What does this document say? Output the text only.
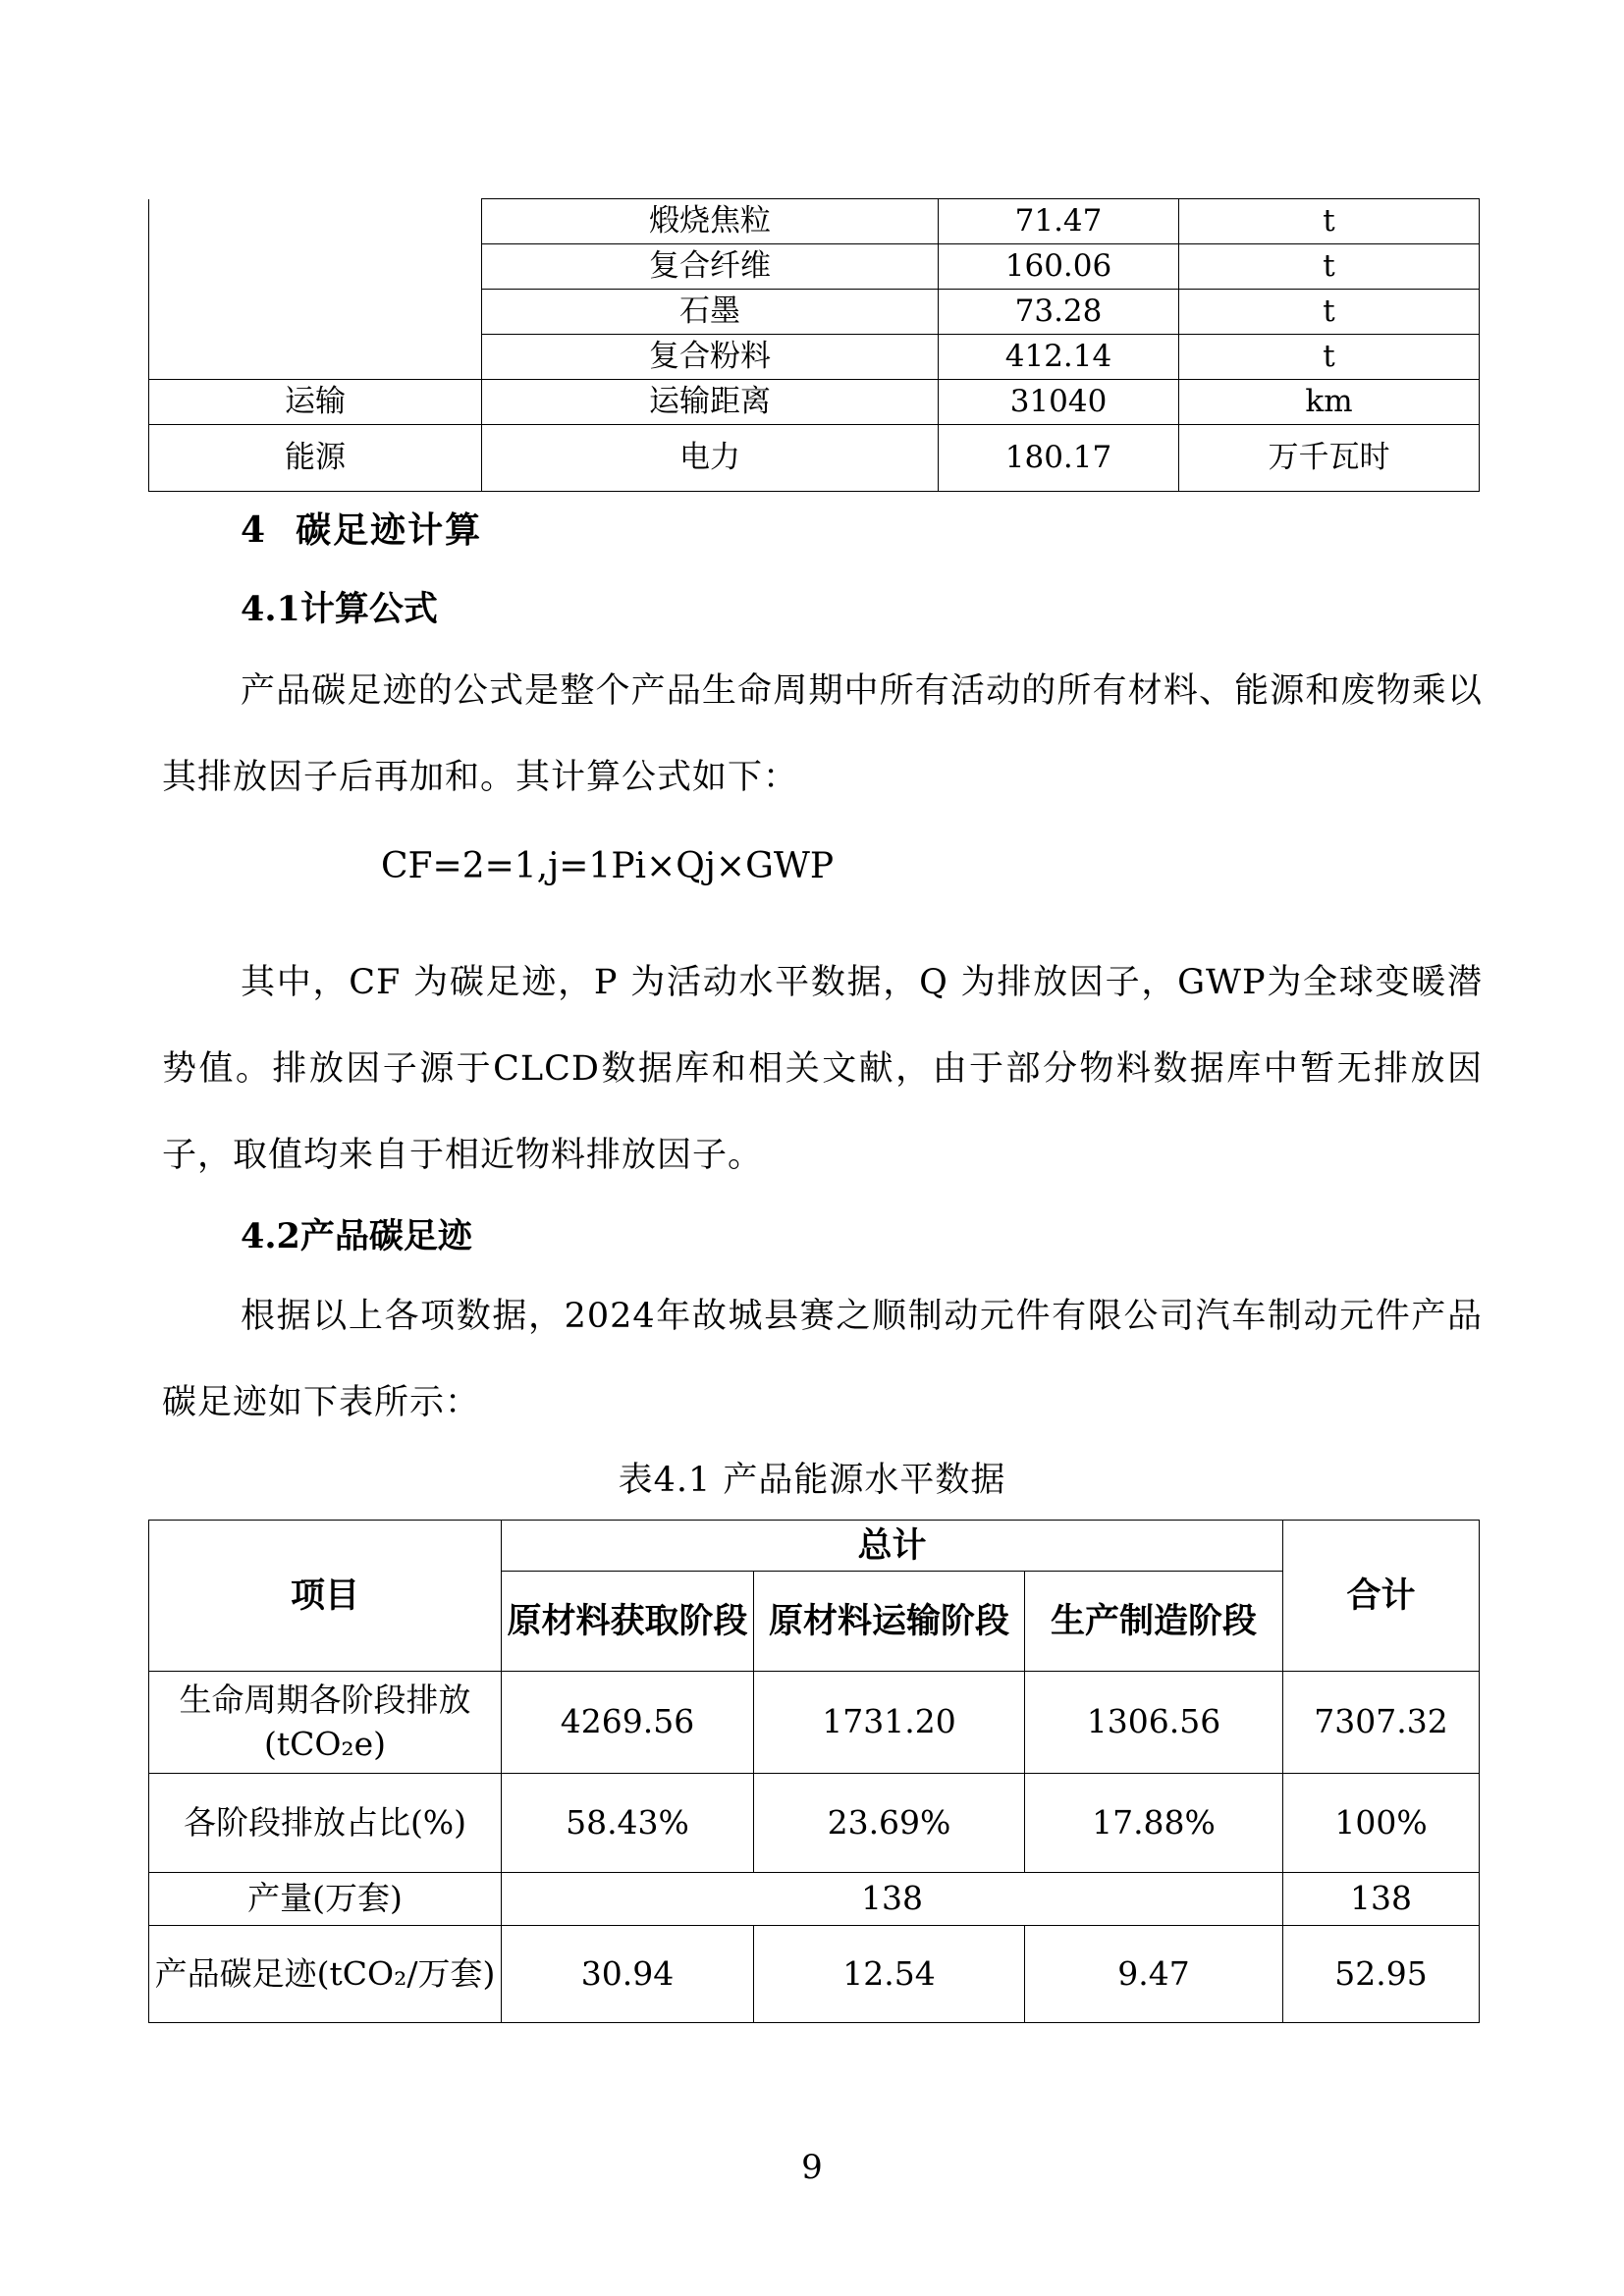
	煅烧焦粒	71.47	t
	复合纤维	160.06	t
	石墨	73.28	t
	复合粉料	412.14	t
运输	运输距离	31040	km
能源	电力	180.17	万千瓦时
4  碳足迹计算
4.1计算公式
产品碳足迹的公式是整个产品生命周期中所有活动的所有材料、能源和废物乘以其排放因子后再加和。其计算公式如下：
CF=2=1,j=1Pi×Qj×GWP
其中，CF 为碳足迹，P 为活动水平数据，Q 为排放因子，GWP为全球变暖潜势值。排放因子源于CLCD数据库和相关文献，由于部分物料数据库中暂无排放因子，取值均来自于相近物料排放因子。
4.2产品碳足迹
根据以上各项数据，2024年故城县赛之顺制动元件有限公司汽车制动元件产品碳足迹如下表所示：
表4.1 产品能源水平数据
项目	总计			合计
	原材料获取阶段	原材料运输阶段	生产制造阶段	
生命周期各阶段排放(tCO₂e)	4269.56	1731.20	1306.56	7307.32
各阶段排放占比(%)	58.43%	23.69%	17.88%	100%
产量(万套)	138			138
产品碳足迹(tCO₂/万套)	30.94	12.54	9.47	52.95
9
